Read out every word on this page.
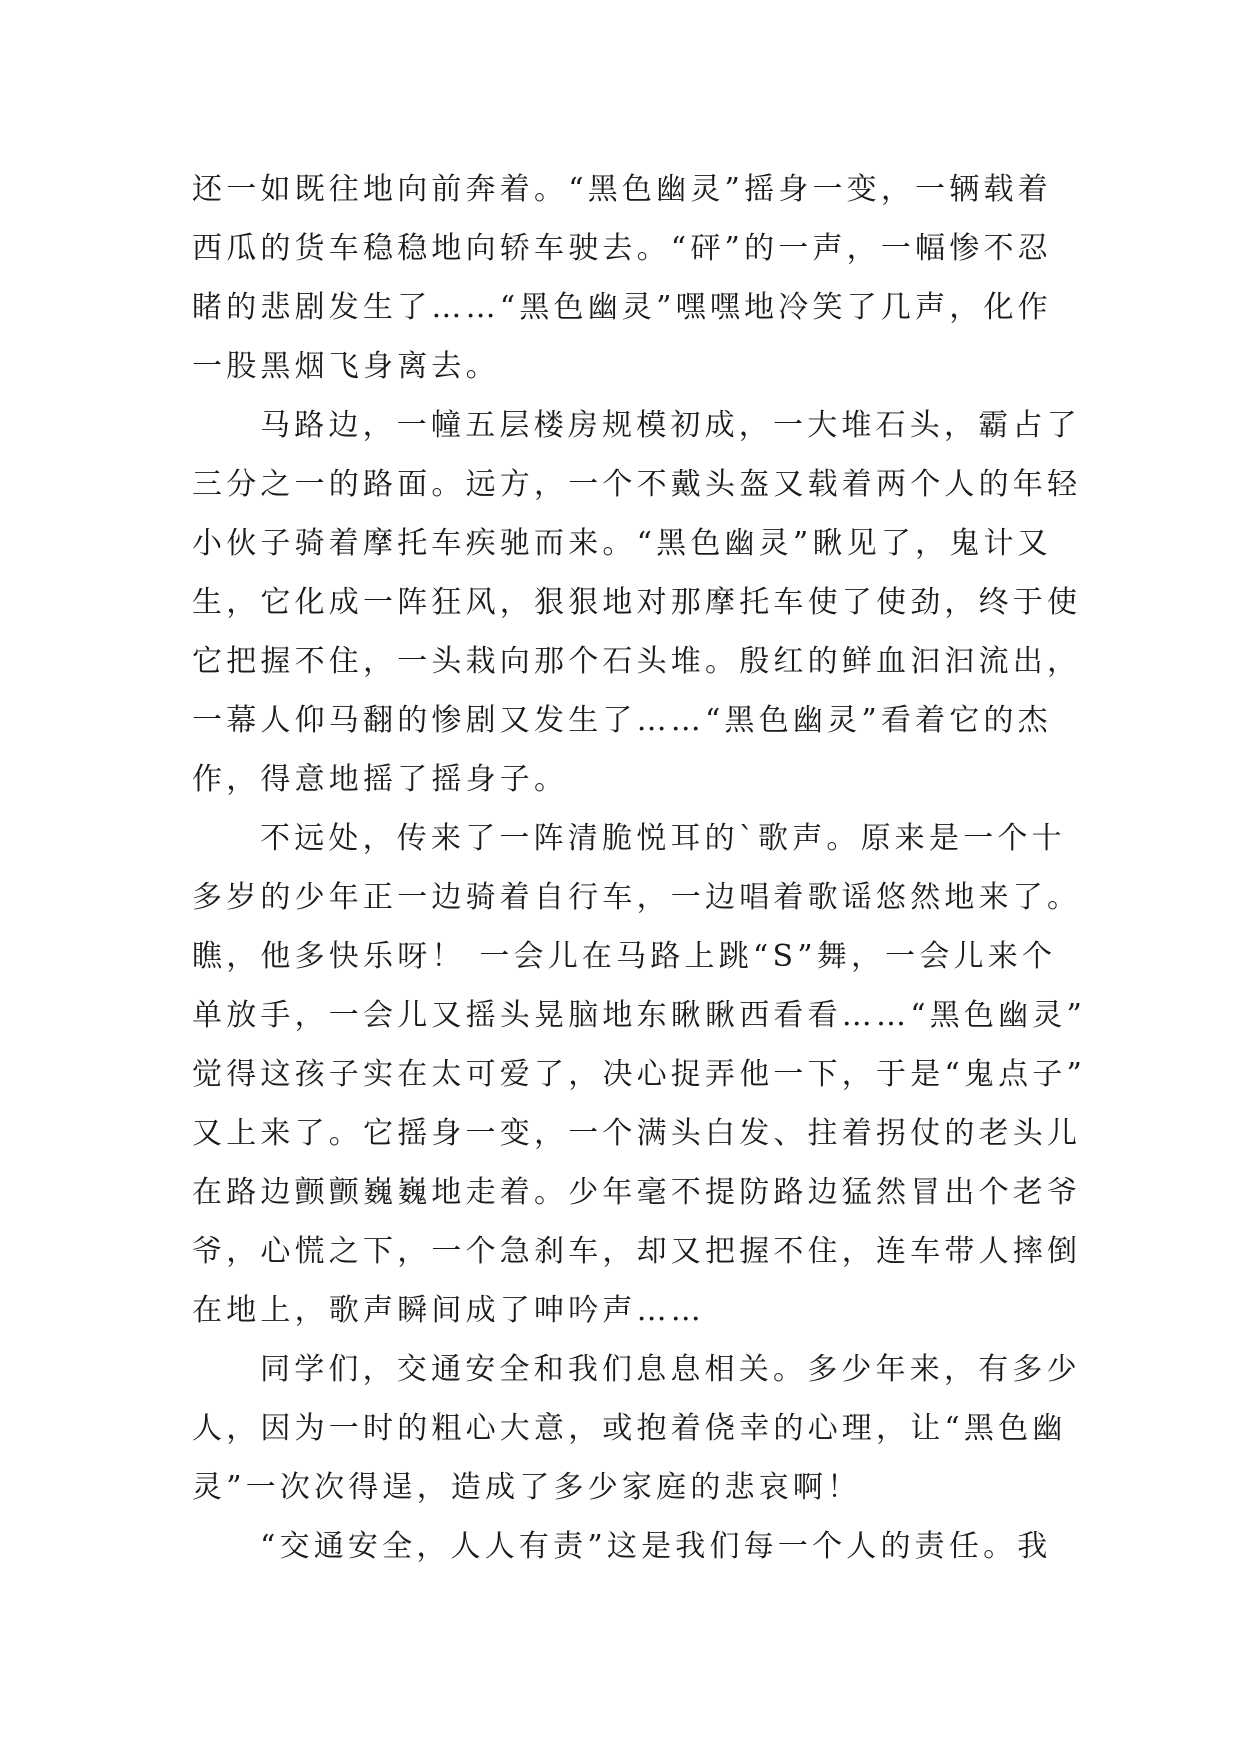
还一如既往地向前奔着。“黑色幽灵”摇身一变，一辆载着
西瓜的货车稳稳地向轿车驶去。“砰”的一声，一幅惨不忍
睹的悲剧发生了……“黑色幽灵”嘿嘿地冷笑了几声，化作
一股黑烟飞身离去。
马路边，一幢五层楼房规模初成，一大堆石头，霸占了
三分之一的路面。远方，一个不戴头盔又载着两个人的年轻
小伙子骑着摩托车疾驰而来。“黑色幽灵”瞅见了，鬼计又
生，它化成一阵狂风，狠狠地对那摩托车使了使劲，终于使
它把握不住，一头栽向那个石头堆。殷红的鲜血汩汩流出，
一幕人仰马翻的惨剧又发生了……“黑色幽灵”看着它的杰
作，得意地摇了摇身子。
不远处，传来了一阵清脆悦耳的`歌声。原来是一个十
多岁的少年正一边骑着自行车，一边唱着歌谣悠然地来了。
瞧，他多快乐呀！ 一会儿在马路上跳“S”舞，一会儿来个
单放手，一会儿又摇头晃脑地东瞅瞅西看看……“黑色幽灵”
觉得这孩子实在太可爱了，决心捉弄他一下，于是“鬼点子”
又上来了。它摇身一变，一个满头白发、拄着拐仗的老头儿
在路边颤颤巍巍地走着。少年毫不提防路边猛然冒出个老爷
爷，心慌之下，一个急刹车，却又把握不住，连车带人摔倒
在地上，歌声瞬间成了呻吟声……
同学们，交通安全和我们息息相关。多少年来，有多少
人，因为一时的粗心大意，或抱着侥幸的心理，让“黑色幽
灵”一次次得逞，造成了多少家庭的悲哀啊！
“交通安全，人人有责”这是我们每一个人的责任。我
